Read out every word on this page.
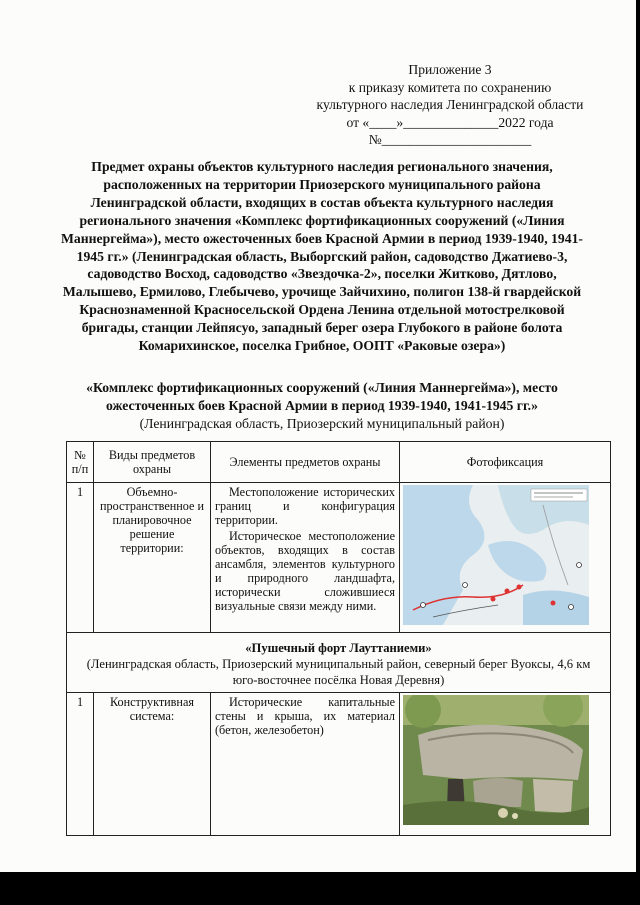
Приложение 3
к приказу комитета по сохранению
культурного наследия Ленинградской области
от «____»______________2022 года
№______________________
Предмет охраны объектов культурного наследия регионального значения, расположенных на территории Приозерского муниципального района Ленинградской области, входящих в состав объекта культурного наследия регионального значения «Комплекс фортификационных сооружений («Линия Маннергейма»), место ожесточенных боев Красной Армии в период 1939-1940, 1941-1945 гг.» (Ленинградская область, Выборгский район, садоводство Джатиево-3, садоводство Восход, садоводство «Звездочка-2», поселки Житково, Дятлово, Малышево, Ермилово, Глебычево, урочище Зайчихино, полигон 138-й гвардейской Краснознаменной Красносельской Ордена Ленина отдельной мотострелковой бригады, станции Лейпясуо, западный берег озера Глубокого в районе болота Комарихинское, поселка Грибное, ООПТ «Раковые озера»)
«Комплекс фортификационных сооружений («Линия Маннергейма»), место ожесточенных боев Красной Армии в период 1939-1940, 1941-1945 гг.»
(Ленинградская область, Приозерский муниципальный район)
№ п/п	Виды предметов охраны	Элементы предметов охраны	Фотофиксация
1	Объемно-пространственное и планировочное решение территории:	Местоположение исторических границ и конфигурация территории.

Историческое местоположение объектов, входящих в состав ансамбля, элементов культурного и природного ландшафта, исторически сложившиеся визуальные связи между ними.

«Пушечный форт Лауттаниеми»
(Ленинградская область, Приозерский муниципальный район, северный берег Вуоксы, 4,6 км юго-восточнее посёлка Новая Деревня)			

1	Конструктивная система:	Исторические капитальные стены и крыша, их материал (бетон, железобетон)
